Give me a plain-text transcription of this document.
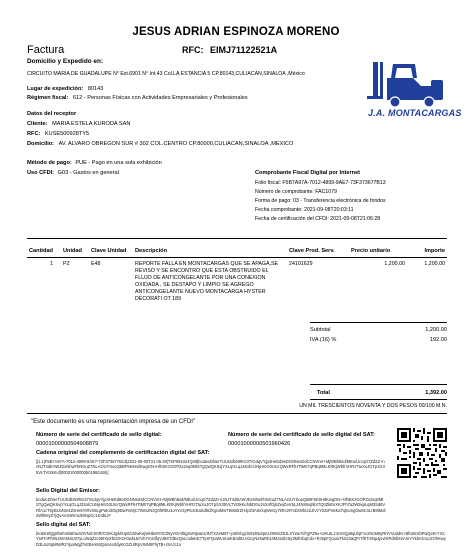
JESUS ADRIAN ESPINOZA MORENO
Factura	RFC: EIMJ71122521A
Domicilio y Expedido en:
CIRCUITO MARIA DE GUADALUPE N° Ext.6901 N° Int.43 Col.LA ESTANCIA 5 CP.80143,CULIACAN,SINALOA ,México
Lugar de expedición: 80143
Régimen fiscal: 612 - Personas Físicas con Actividades Empresariales y Profesionales
J.A. MONTACARGAS
Datos del receptor
Cliente: MARIA ESTELA KURODA SAN
RFC: KUSE500928TY5
Domicilio: AV. ALVARO OBREGON SUR # 302 COL.CENTRO CP.80000,CULIACAN,SINALOA ,MEXICO
Método de pago: PUE - Pago en una sola exhibición
Uso CFDI: G03 - Gastos en general	Comprobante Fiscal Digital por Internet
Folio fiscal: F5B7A97A-7012-4899-9AE7-73F373677B13
Número de comprobante: FAC1079
Forma de pago: 03 - Transferencia electrónica de fondos
Fecha comprobante: 2021-09-08T20:03:11
Fecha de certificación del CFDI: 2021-09-08T21:06:28
Cantidad	Unidad	Clave Unidad	Descripción	Clave Prod. Serv.	Precio unitario	Importe
1	PZ	E48	REPORTE FALLA EN MONTACARGAS QUE SE APAGA,SE REVISO Y SE ENCONTRO QUE ESTA OBSTRUIDO EL FLUJO DE ANTICONGELANTE POR UNA CONEXION OXIDADA , SE DESTAPO Y LIMPIO SE AGREGO ANTICONGELANTE NUEVO MONTACARGA HYSTER DECORATI OT 189	24101629	1,200.00	1,200.00
Subtotal	1,200.00
IVA (16) %	192.00
Total	1,392.00
UN MIL TRESCIENTOS NOVENTA Y DOS PESOS 00/100 M.N.
"Este documento es una representación impresa de un CFDI"
Número de serie del certificado de sello digital:
00001000000504908879
Número de serie del certificado de sello digital del SAT:
00001000000501960426
Cadena original del complemento de certificación digital del SAT:
||1.1|F5B7A97A-7012-4899-9AE7-73F373677B13|2021-09-08T21:06:28|TSP081024Q46|bcdwcDhierTUUGdbN9hG37rGdqVYjp4HeEd9eDGNNIoDdCCNVnH+MjWBh9xd/MEu/UrcqG7Zd2Z+nzNJT4dEAWJDxNhwFbNGuZ7NLAOUYSoeQ6BF5K9HdKwgGN+HlhEKzGOPZx2sq0MtSTgQwQKSvjYXLqGLqJ3SolCUNjHmG0UrcrQWxRFlHTtM07qPBq8MLKRKjWbfrVHRzTtuXoJOTpSX35VLTVt2kKuf|00001000000501960426||
Sello Digital del Emisor:
bcdwcDhierTUUGdbN9hG37rGdqVYjp4HeEd9eDGNNIoDdCCNVnH+MjWBh9xd/MEu/UrcqG7Zd2Z+nzNJT4dEAWJDxNhwFbNGuZ7NLAOUYSoeQ6BF5K9HdKwgGN+HlhEKzGOPZx2sq0MtSTgQwQKSvjYXLqGLqJ3SolCUNjHmG0UrcrQWxRFlHTtM07qPBq8MLKRKjWbfrVHRzTtuXoJOTpSX35VLTVt2kKuf4kDGu2nX4fGjkZwjGvrr6LJ4N8mqNbr7Q0ZkEnXKJFh7a2W9xpLqM3Sd8VRfA1cT6yBUoNm4ZsHe5YtRvX8LgPaKi3Oq9DwFeMjC7tWs2NzQ0hRbU1oYxV3yP6JcEaSd5LfKgIuMwT9nB0rZH4pOtA8vXqWeGy7kRc2FmDsNhU1lJiVzYb3xPo5KaTqEuSgOw6CnLrB9tMdI2Wf8HyZ7jQvAeXsRmUk0NpGc1D4bLiF
Sello digital del SAT:
bm5Ki0Qg8hehIsb6Ibw4OVNiCK0R/O1hKJgM/Up6fJ/ZwKejWHbMY0CZ6yVGmf5gXvMjeans/INTXZeM6T+pt0GhgzlmN3NdrpIUZ0WirZbJLSYwe7dTgPZ9o+UKUtLz4HzrQp8qUbjF1v2NcM6yRHVVu3dK+BfU8sVbPwQeKrYX2Ys9TnPh05JMA5NiU37yLoWqZzc0t0YpXbGzKOr0wkLB7xhYmzdfqVJ8STdEeQvLmdeKE7TysFQoWL8UuKB4d5zAGcyN26aRb10M2eZl2Sy3MhsbqCdx+RJ5pFQ1uwTkSz3aQFr7f8TmNp4jsvHtPd9bXeAmVYkbrGn1cZOhKwyD3LsUtIqMN8RzYpaWgjf7vEBHsNtQxm4o0dyKcGZUlRpVWNSFhjTB+rSAJc1o
